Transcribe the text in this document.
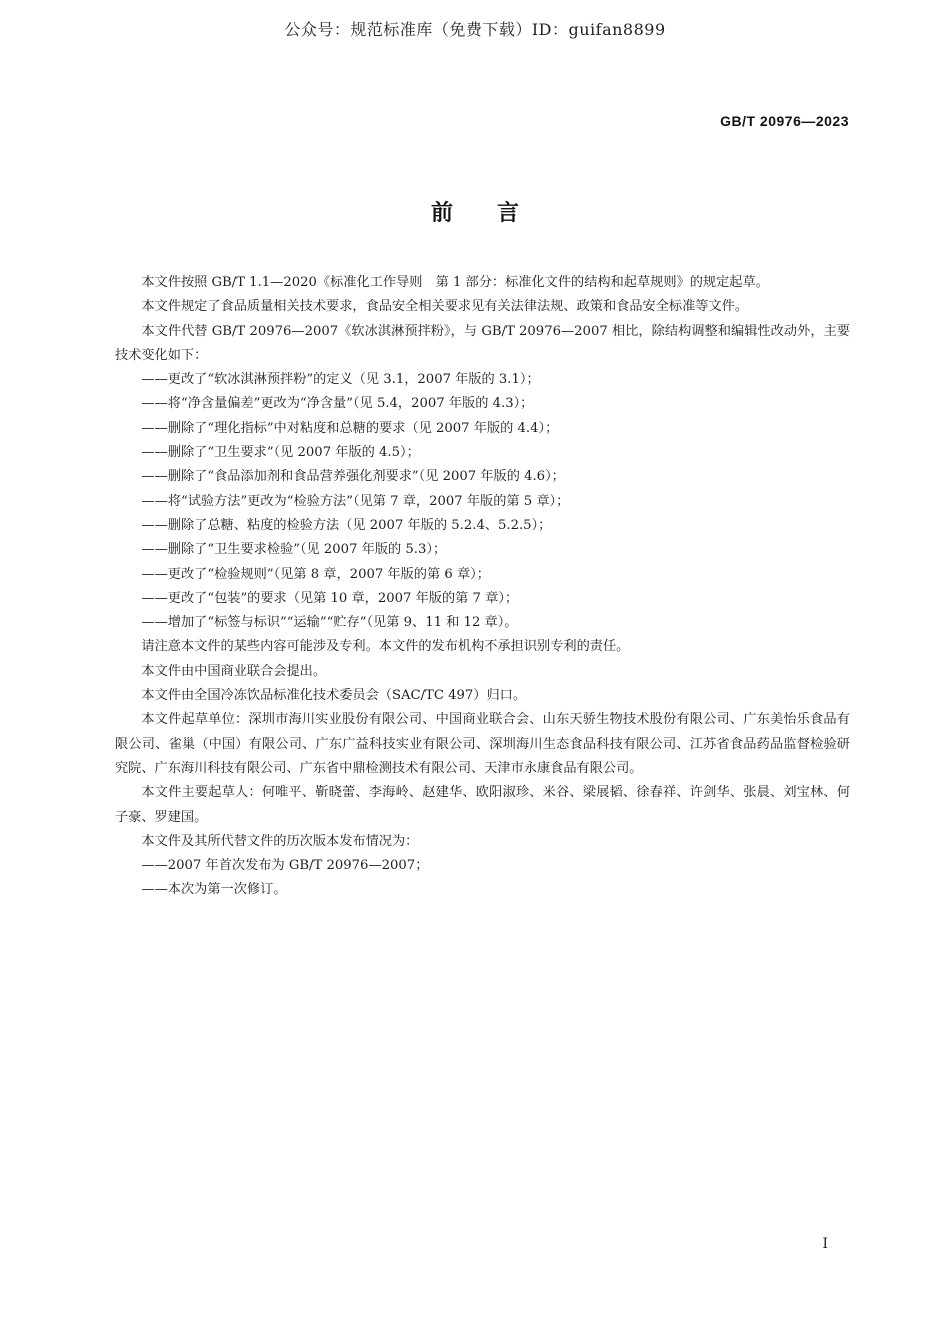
公众号：规范标准库（免费下载）ID：guifan8899
GB/T 20976—2023
前言

本文件按照 GB/T 1.1—2020《标准化工作导则　第 1 部分：标准化文件的结构和起草规则》的规定起草。

本文件规定了食品质量相关技术要求，食品安全相关要求见有关法律法规、政策和食品安全标准等文件。

本文件代替 GB/T 20976—2007《软冰淇淋预拌粉》，与 GB/T 20976—2007 相比，除结构调整和编辑性改动外，主要技术变化如下：

——更改了“软冰淇淋预拌粉”的定义（见 3.1，2007 年版的 3.1）；

——将“净含量偏差”更改为“净含量”（见 5.4，2007 年版的 4.3）；

——删除了“理化指标”中对粘度和总糖的要求（见 2007 年版的 4.4）；

——删除了“卫生要求”（见 2007 年版的 4.5）；

——删除了“食品添加剂和食品营养强化剂要求”（见 2007 年版的 4.6）；

——将“试验方法”更改为“检验方法”（见第 7 章，2007 年版的第 5 章）；

——删除了总糖、粘度的检验方法（见 2007 年版的 5.2.4、5.2.5）；

——删除了“卫生要求检验”（见 2007 年版的 5.3）；

——更改了“检验规则”（见第 8 章，2007 年版的第 6 章）；

——更改了“包装”的要求（见第 10 章，2007 年版的第 7 章）；

——增加了“标签与标识”“运输”“贮存”（见第 9、11 和 12 章）。

请注意本文件的某些内容可能涉及专利。本文件的发布机构不承担识别专利的责任。

本文件由中国商业联合会提出。

本文件由全国冷冻饮品标准化技术委员会（SAC/TC 497）归口。

本文件起草单位：深圳市海川实业股份有限公司、中国商业联合会、山东天骄生物技术股份有限公司、广东美怡乐食品有限公司、雀巢（中国）有限公司、广东广益科技实业有限公司、深圳海川生态食品科技有限公司、江苏省食品药品监督检验研究院、广东海川科技有限公司、广东省中鼎检测技术有限公司、天津市永康食品有限公司。

本文件主要起草人：何唯平、靳晓蕾、李海岭、赵建华、欧阳淑珍、米谷、梁展韬、徐春祥、许剑华、张晨、刘宝林、何子豪、罗建国。

本文件及其所代替文件的历次版本发布情况为：

——2007 年首次发布为 GB/T 20976—2007；

——本次为第一次修订。

I
